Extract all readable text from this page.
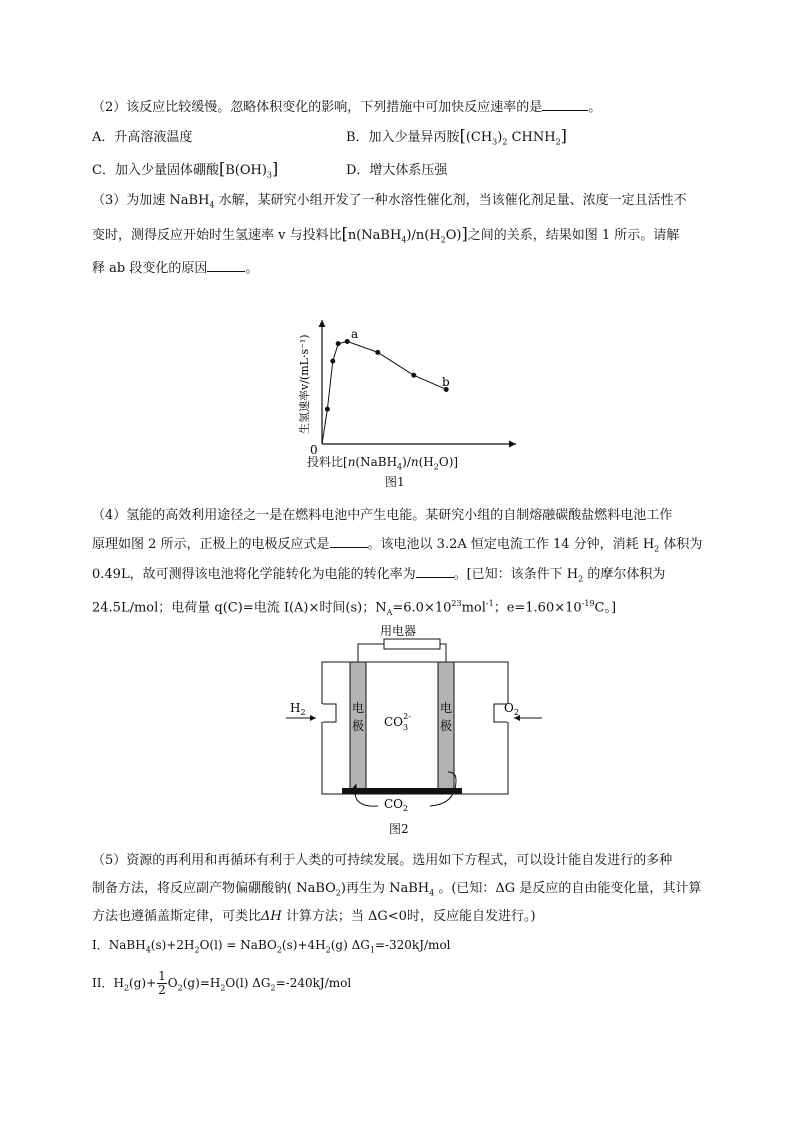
（2）该反应比较缓慢。忽略体积变化的影响，下列措施中可加快反应速率的是	。
A．升高溶液温度	B．加入少量异丙胺[$(CH_3)_2$ $CHNH_2$]
C．加入少量固体硼酸$[B(OH)_3]$	D．增大体系压强
（3）为加速 NaBH$_4$ 水解，某研究小组开发了一种水溶性催化剂，当该催化剂足量、浓度一定且活性不
变时，测得反应开始时生氢速率 v 与投料比$[n(NaBH_4)/n(H_2O)]$之间的关系，结果如图 1 所示。请解
释 ab 段变化的原因	。
0
a
b
生氢速率v/(mL·s⁻¹)
投料比$[n(NaBH_4)/n(H_2O)]$
图1
（4）氢能的高效利用途径之一是在燃料电池中产生电能。某研究小组的自制熔融碳酸盐燃料电池工作
原理如图 2 所示，正极上的电极反应式是	。该电池以 3.2A 恒定电流工作 14 分钟，消耗 $H_2$ 体积为
0.49L，故可测得该电池将化学能转化为电能的转化率为	。[已知：该条件下 $H_2$ 的摩尔体积为
24.5L/mol；电荷量 q(C)=电流 I(A)×时间(s)；$N_A=6.0\times 10^{23}mol^{-1}$；$e=1.60\times 10^{-19}C$。]
用电器
电
极
电
极
$CO_32-$
$CO_2$
$H_2$	$O_2$
图2
（5）资源的再利用和再循环有利于人类的可持续发展。选用如下方程式，可以设计能自发进行的多种
制备方法，将反应副产物偏硼酸钠( NaBO$_2$)再生为 NaBH$_4$ 。(已知：ΔG 是反应的自由能变化量，其计算
方法也遵循盖斯定律，可类比ΔH 计算方法；当 ΔG<0时，反应能自发进行。)
I．$NaBH_4(s)+2H_2O(l)$ = $NaBO_2(s)+4H_2(g)$ $\Delta G_1=-320kJ$/mol
II．$H_2(g)+ \frac{1}{2} O_2(g)=H_2O(l)$ $\Delta G_2=-240kJ$/mol
